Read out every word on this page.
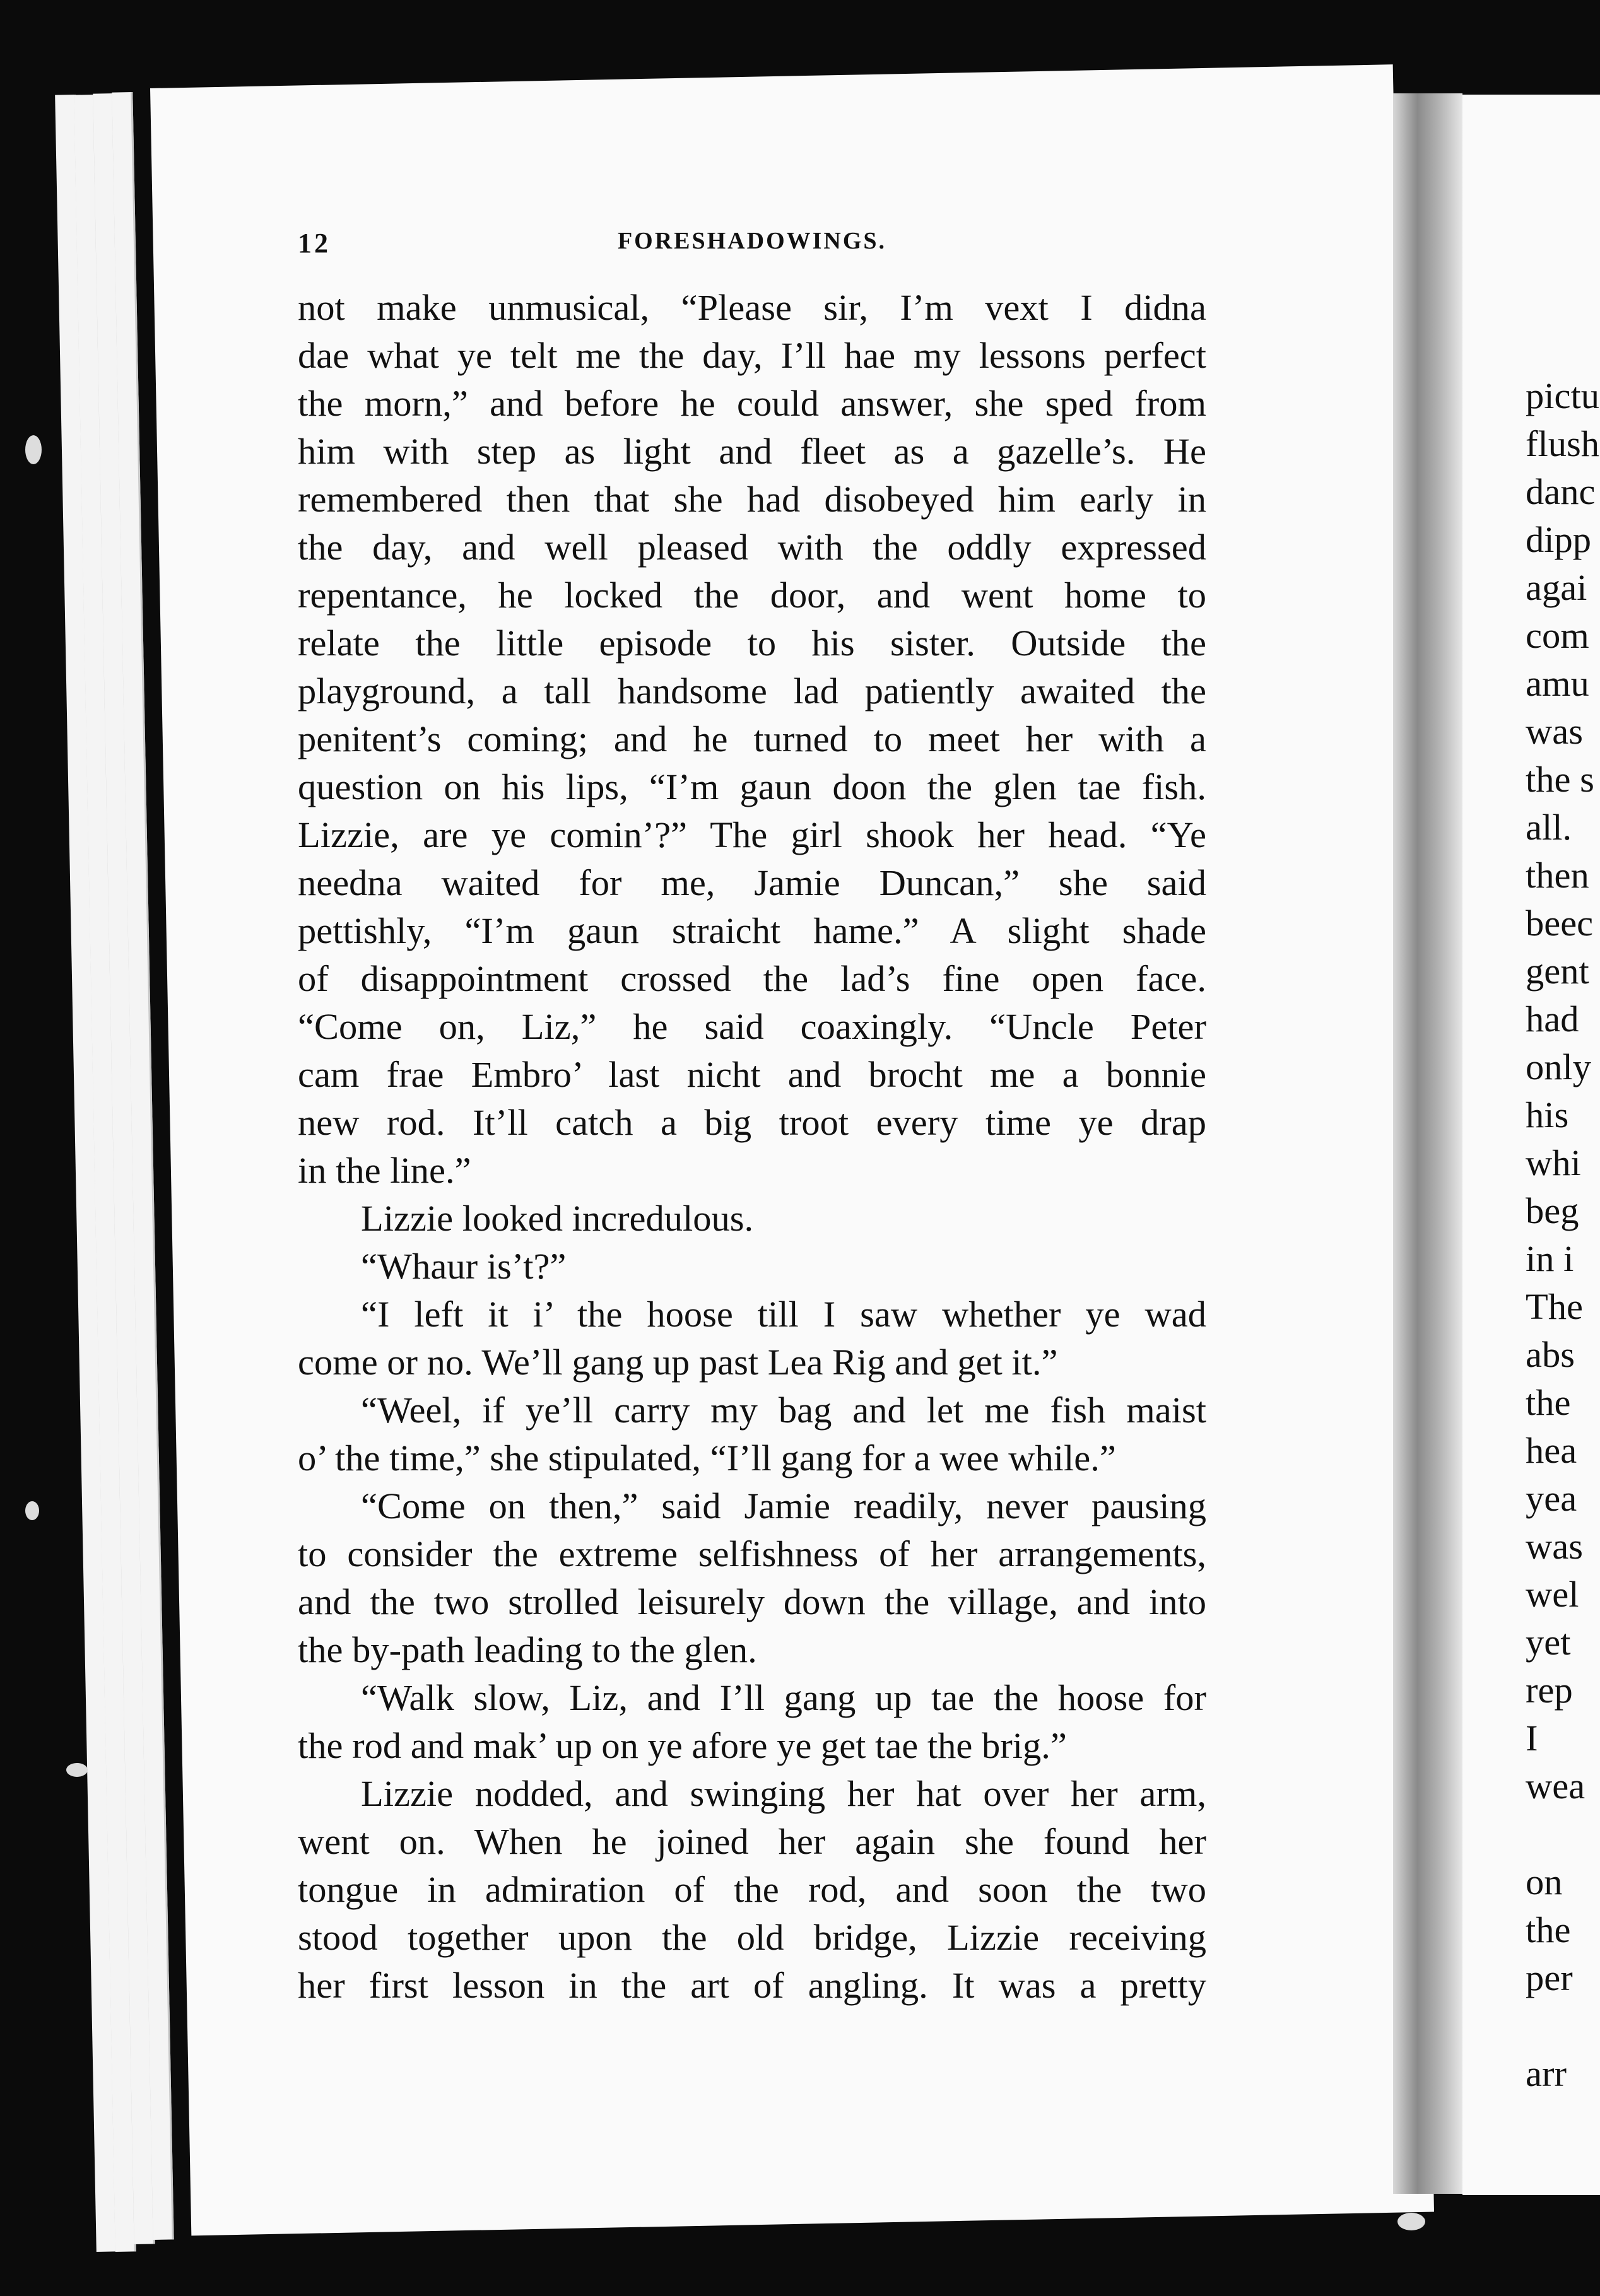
pictu
flush
danc
dipp
agai
com
amu
was
the s
all.
then
beec
gent
had
only
his
whi
beg
in i
The
abs
the
hea
yea
was
wel
yet
rep
I
wea
on
the
per
arr
12	FORESHADOWINGS.
not make unmusical, “Please sir, I’m vext I didna
dae what ye telt me the day, I’ll hae my lessons perfect
the morn,” and before he could answer, she sped from
him with step as light and fleet as a gazelle’s. He
remembered then that she had disobeyed him early in
the day, and well pleased with the oddly expressed
repentance, he locked the door, and went home to
relate the little episode to his sister. Outside the
playground, a tall handsome lad patiently awaited the
penitent’s coming; and he turned to meet her with a
question on his lips, “I’m gaun doon the glen tae fish.
Lizzie, are ye comin’?” The girl shook her head. “Ye
needna waited for me, Jamie Duncan,” she said
pettishly, “I’m gaun straicht hame.” A slight shade
of disappointment crossed the lad’s fine open face.
“Come on, Liz,” he said coaxingly. “Uncle Peter
cam frae Embro’ last nicht and brocht me a bonnie
new rod. It’ll catch a big troot every time ye drap
in the line.”
Lizzie looked incredulous.
“Whaur is’t?”
“I left it i’ the hoose till I saw whether ye wad
come or no. We’ll gang up past Lea Rig and get it.”
“Weel, if ye’ll carry my bag and let me fish maist
o’ the time,” she stipulated, “I’ll gang for a wee while.”
“Come on then,” said Jamie readily, never pausing
to consider the extreme selfishness of her arrangements,
and the two strolled leisurely down the village, and into
the by-path leading to the glen.
“Walk slow, Liz, and I’ll gang up tae the hoose for
the rod and mak’ up on ye afore ye get tae the brig.”
Lizzie nodded, and swinging her hat over her arm,
went on. When he joined her again she found her
tongue in admiration of the rod, and soon the two
stood together upon the old bridge, Lizzie receiving
her first lesson in the art of angling. It was a pretty
